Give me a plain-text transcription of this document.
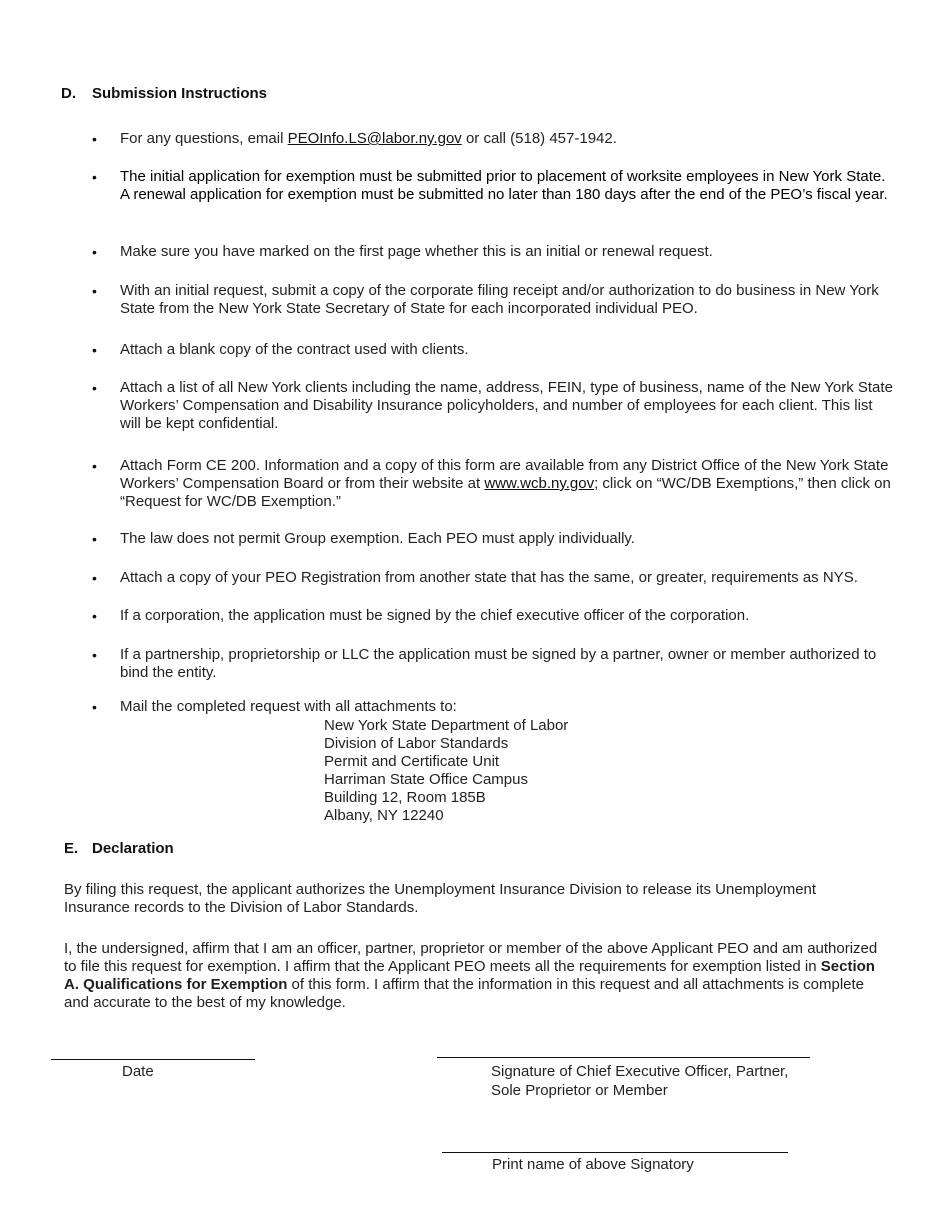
D. Submission Instructions
• For any questions, email PEOInfo.LS@labor.ny.gov or call (518) 457-1942.
• The initial application for exemption must be submitted prior to placement of worksite employees in New York State. A renewal application for exemption must be submitted no later than 180 days after the end of the PEO’s fiscal year.
• Make sure you have marked on the first page whether this is an initial or renewal request.
• With an initial request, submit a copy of the corporate filing receipt and/or authorization to do business in New York State from the New York State Secretary of State for each incorporated individual PEO.
• Attach a blank copy of the contract used with clients.
• Attach a list of all New York clients including the name, address, FEIN, type of business, name of the New York State Workers’ Compensation and Disability Insurance policyholders, and number of employees for each client. This list will be kept confidential.
• Attach Form CE 200. Information and a copy of this form are available from any District Office of the New York State Workers’ Compensation Board or from their website at www.wcb.ny.gov; click on “WC/DB Exemptions,” then click on “Request for WC/DB Exemption.”
• The law does not permit Group exemption. Each PEO must apply individually.
• Attach a copy of your PEO Registration from another state that has the same, or greater, requirements as NYS.
• If a corporation, the application must be signed by the chief executive officer of the corporation.
• If a partnership, proprietorship or LLC the application must be signed by a partner, owner or member authorized to bind the entity.
• Mail the completed request with all attachments to:
New York State Department of Labor
Division of Labor Standards
Permit and Certificate Unit
Harriman State Office Campus
Building 12, Room 185B
Albany, NY 12240
E. Declaration
By filing this request, the applicant authorizes the Unemployment Insurance Division to release its Unemployment Insurance records to the Division of Labor Standards.
I, the undersigned, affirm that I am an officer, partner, proprietor or member of the above Applicant PEO and am authorized to file this request for exemption. I affirm that the Applicant PEO meets all the requirements for exemption listed in Section A. Qualifications for Exemption of this form. I affirm that the information in this request and all attachments is complete and accurate to the best of my knowledge.
Date	Signature of Chief Executive Officer, Partner,
Sole Proprietor or Member
Print name of above Signatory
